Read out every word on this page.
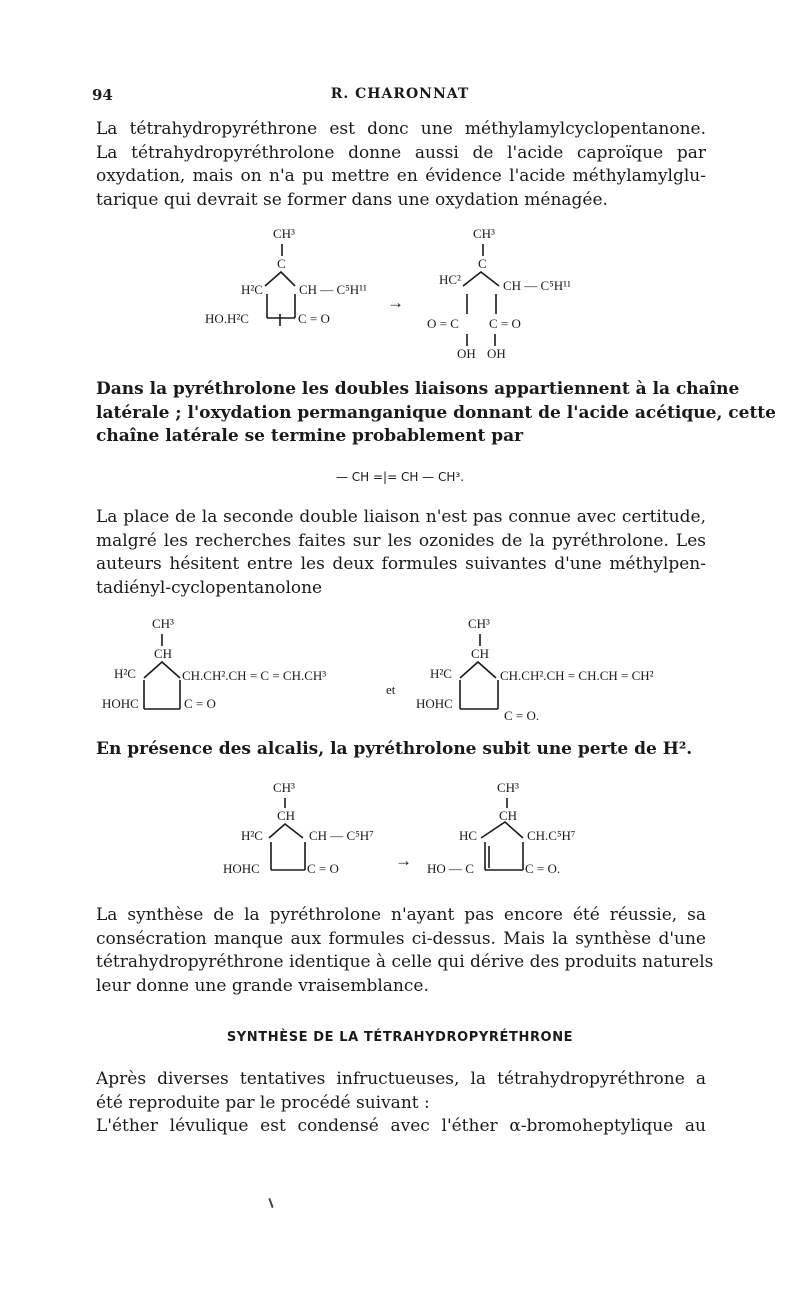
94	R. CHARONNAT
La tétrahydropyréthrone est donc une méthylamylcyclopentanone.
La tétrahydropyréthrolone donne aussi de l'acide caproïque par
oxydation, mais on n'a pu mettre en évidence l'acide méthylamylglu-
tarique qui devrait se former dans une oxydation ménagée.
CH³
C
H²C	CH — C⁵H¹¹
HO.H²C	C = O
→
CH³
C
HC²	CH — C⁵H¹¹
O = C C = O
OH OH
Dans la pyréthrolone les doubles liaisons appartiennent à la chaîne
latérale ; l'oxydation permanganique donnant de l'acide acétique, cette
chaîne latérale se termine probablement par
— CH =|= CH — CH³.
La place de la seconde double liaison n'est pas connue avec certitude,
malgré les recherches faites sur les ozonides de la pyréthrolone. Les
auteurs hésitent entre les deux formules suivantes d'une méthylpen-
tadiényl-cyclopentanolone
CH³
CH
H²C	CH.CH².CH = C = CH.CH³
HOHC	C = O
et
CH³
CH
H²C	CH.CH².CH = CH.CH = CH²
HOHC
C = O.
En présence des alcalis, la pyréthrolone subit une perte de H².
CH³
CH
H²C	CH — C⁵H⁷
HOHC	C = O	→
CH³
CH
HC	CH.C⁵H⁷
HO — C	C = O.
La synthèse de la pyréthrolone n'ayant pas encore été réussie, sa
consécration manque aux formules ci-dessus. Mais la synthèse d'une
tétrahydropyréthrone identique à celle qui dérive des produits naturels
leur donne une grande vraisemblance.
SYNTHÈSE DE LA TÉTRAHYDROPYRÉTHRONE
Après diverses tentatives infructueuses, la tétrahydropyréthrone a
été reproduite par le procédé suivant :
L'éther lévulique est condensé avec l'éther α-bromoheptylique au
